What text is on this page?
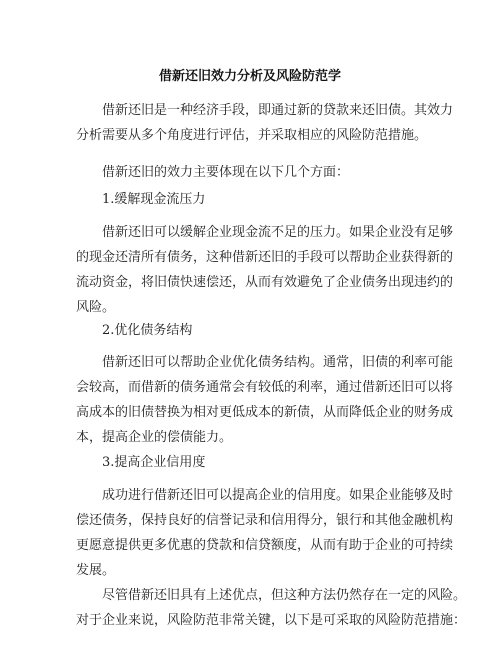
借新还旧效力分析及风险防范学
借新还旧是一种经济手段，即通过新的贷款来还旧债。其效力
分析需要从多个角度进行评估，并采取相应的风险防范措施。
借新还旧的效力主要体现在以下几个方面：
1.缓解现金流压力
借新还旧可以缓解企业现金流不足的压力。如果企业没有足够
的现金还清所有债务，这种借新还旧的手段可以帮助企业获得新的
流动资金，将旧债快速偿还，从而有效避免了企业债务出现违约的
风险。
2.优化债务结构
借新还旧可以帮助企业优化债务结构。通常，旧债的利率可能
会较高，而借新的债务通常会有较低的利率，通过借新还旧可以将
高成本的旧债替换为相对更低成本的新债，从而降低企业的财务成
本，提高企业的偿债能力。
3.提高企业信用度
成功进行借新还旧可以提高企业的信用度。如果企业能够及时
偿还债务，保持良好的信誉记录和信用得分，银行和其他金融机构
更愿意提供更多优惠的贷款和信贷额度，从而有助于企业的可持续
发展。
尽管借新还旧具有上述优点，但这种方法仍然存在一定的风险。
对于企业来说，风险防范非常关键，以下是可采取的风险防范措施：
